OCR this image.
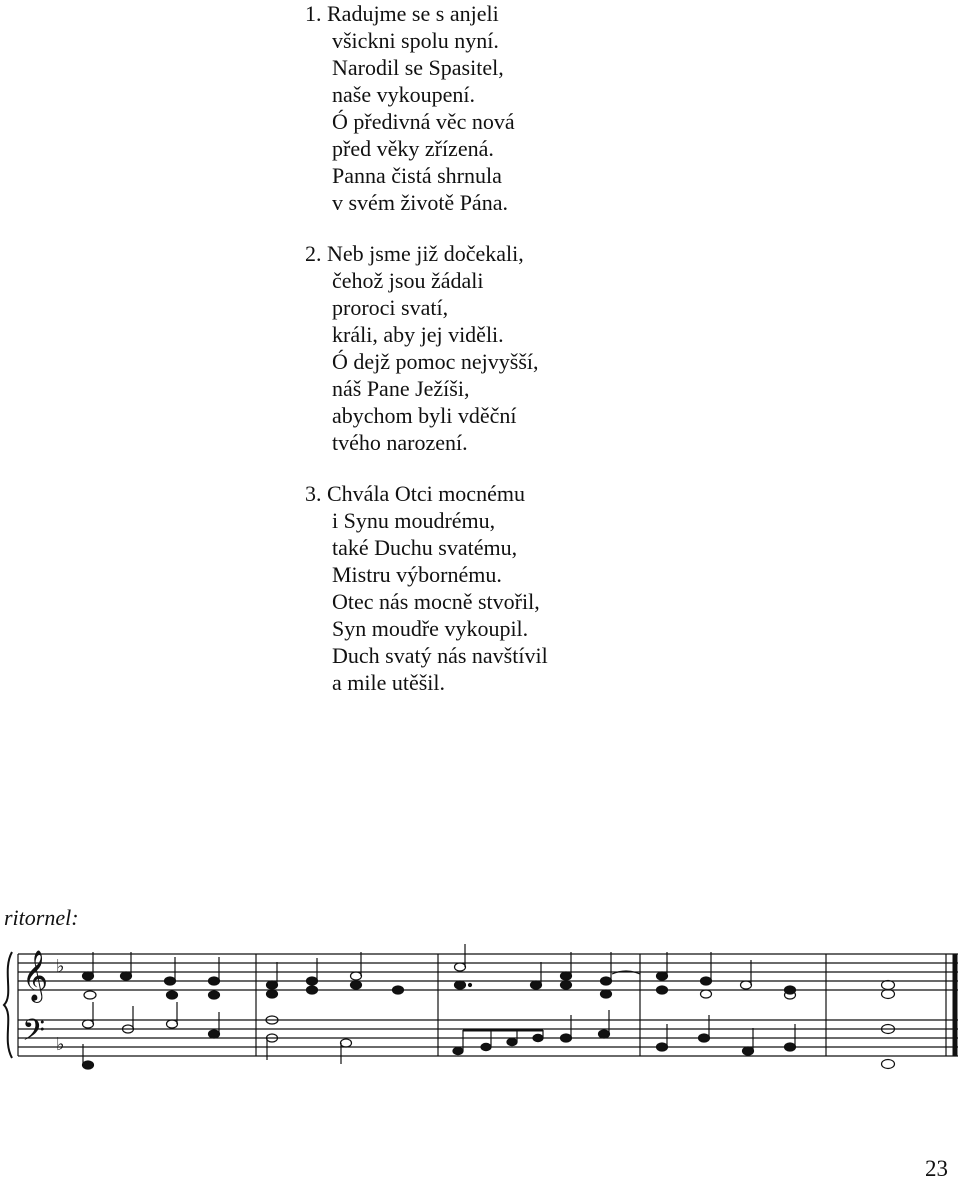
1. Radujme se s anjeli
všickni spolu nyní.
Narodil se Spasitel,
naše vykoupení.
Ó předivná věc nová
před věky zřízená.
Panna čistá shrnula
v svém životě Pána.
2. Neb jsme již dočekali,
čehož jsou žádali
proroci svatí,
králi, aby jej viděli.
Ó dejž pomoc nejvyšší,
náš Pane Ježíši,
abychom byli vděční
tvého narození.
3. Chvála Otci mocnému
i Synu moudrému,
také Duchu svatému,
Mistru výbornému.
Otec nás mocně stvořil,
Syn moudře vykoupil.
Duch svatý nás navštívil
a mile utěšil.
ritornel:
𝄞
𝄢
♭
♭
23
